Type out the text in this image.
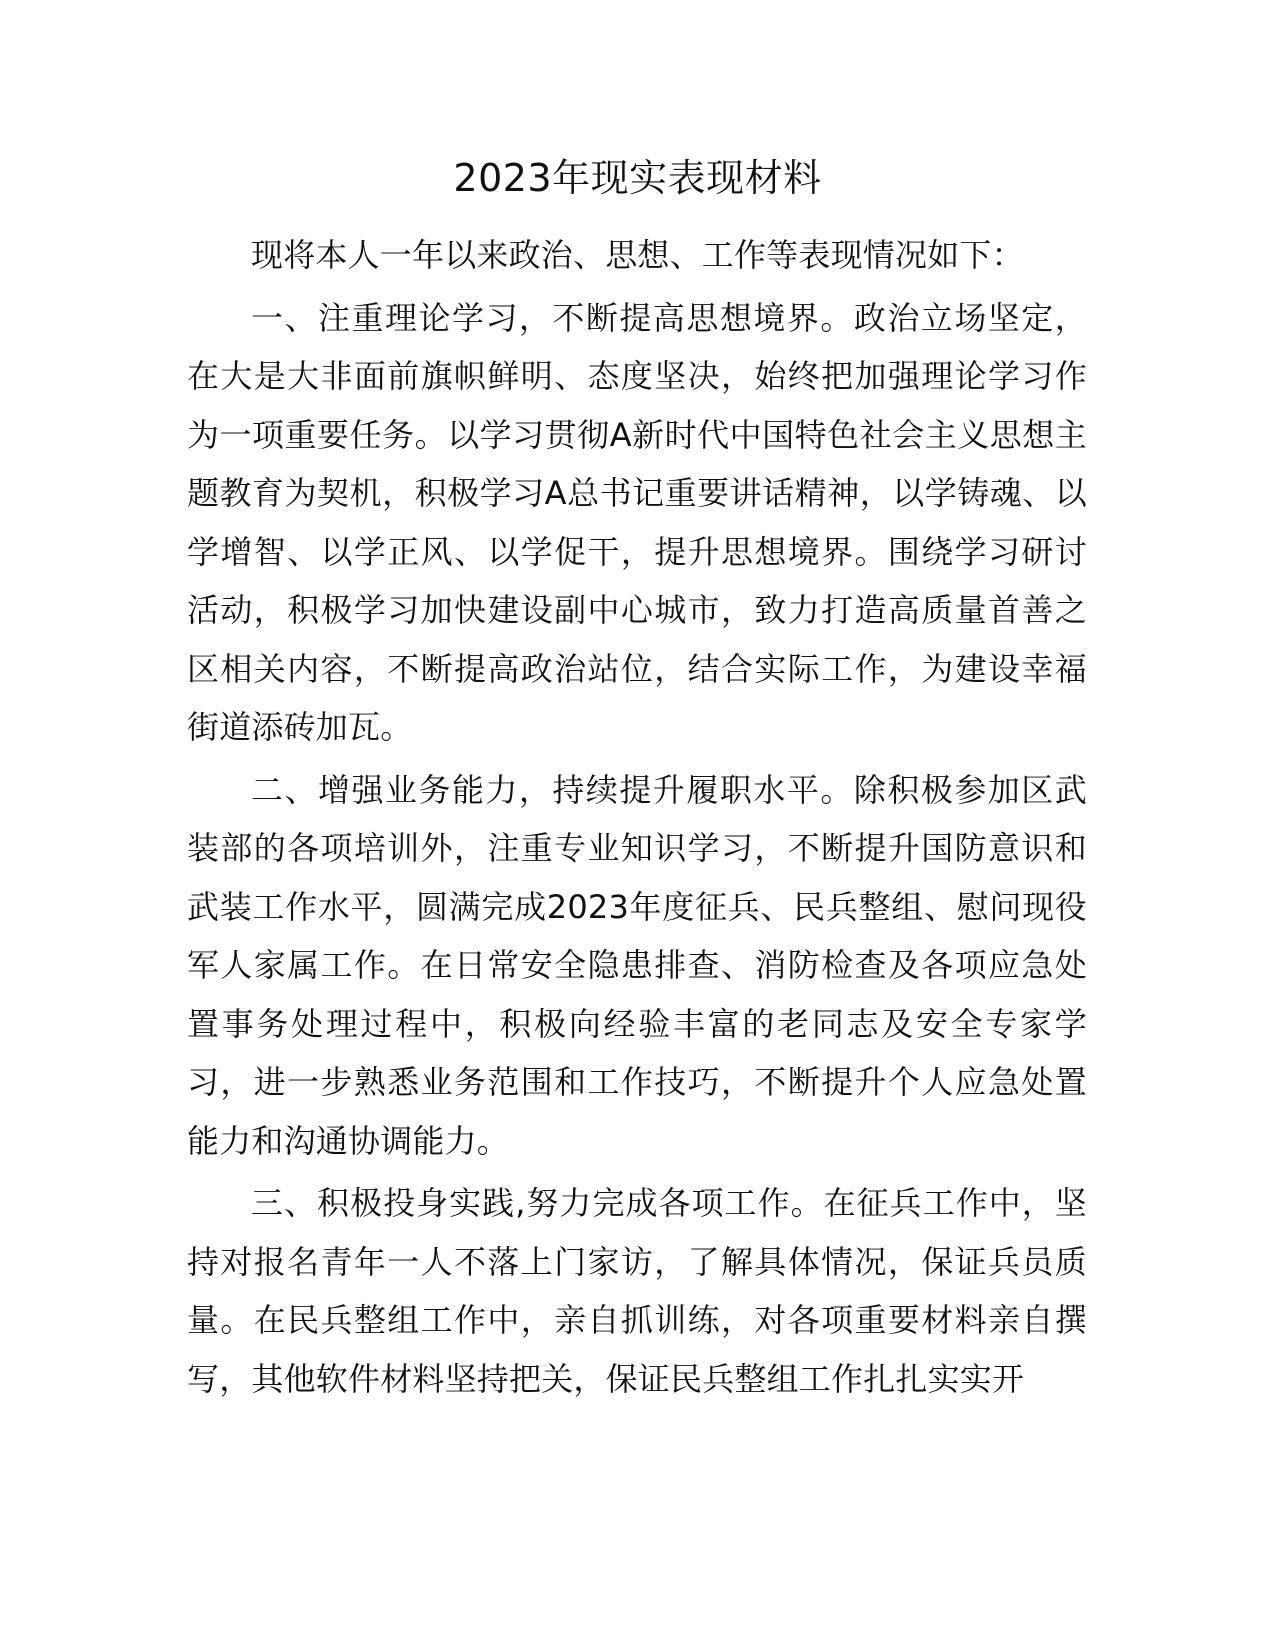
2023年现实表现材料

现将本人一年以来政治、思想、工作等表现情况如下：

一、注重理论学习，不断提高思想境界。政治立场坚定，在大是大非面前旗帜鲜明、态度坚决，始终把加强理论学习作为一项重要任务。以学习贯彻A新时代中国特色社会主义思想主题教育为契机，积极学习A总书记重要讲话精神，以学铸魂、以学增智、以学正风、以学促干，提升思想境界。围绕学习研讨活动，积极学习加快建设副中心城市，致力打造高质量首善之区相关内容，不断提高政治站位，结合实际工作，为建设幸福街道添砖加瓦。

二、增强业务能力，持续提升履职水平。除积极参加区武装部的各项培训外，注重专业知识学习，不断提升国防意识和武装工作水平，圆满完成2023年度征兵、民兵整组、慰问现役军人家属工作。在日常安全隐患排查、消防检查及各项应急处置事务处理过程中，积极向经验丰富的老同志及安全专家学习，进一步熟悉业务范围和工作技巧，不断提升个人应急处置能力和沟通协调能力。

三、积极投身实践,努力完成各项工作。在征兵工作中，坚持对报名青年一人不落上门家访，了解具体情况，保证兵员质量。在民兵整组工作中，亲自抓训练，对各项重要材料亲自撰写，其他软件材料坚持把关，保证民兵整组工作扎扎实实开
